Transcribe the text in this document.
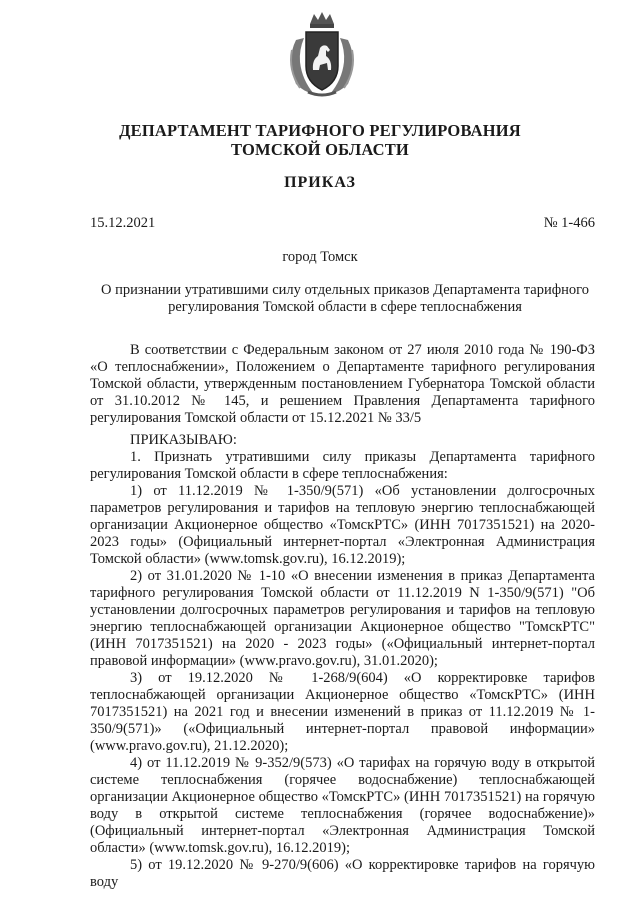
ДЕПАРТАМЕНТ ТАРИФНОГО РЕГУЛИРОВАНИЯ
ТОМСКОЙ ОБЛАСТИ
ПРИКАЗ
15.12.2021	№ 1-466
город Томск
О признании утратившими силу отдельных приказов Департамента тарифного
регулирования Томской области в сфере теплоснабжения

В соответствии с Федеральным законом от 27 июля 2010 года № 190-ФЗ «О теплоснабжении», Положением о Департаменте тарифного регулирования Томской области, утвержденным постановлением Губернатора Томской области от 31.10.2012 № 145, и решением Правления Департамента тарифного регулирования Томской области от 15.12.2021 № 33/5

ПРИКАЗЫВАЮ:

1. Признать утратившими силу приказы Департамента тарифного регулирования Томской области в сфере теплоснабжения:

1) от 11.12.2019 № 1-350/9(571) «Об установлении долгосрочных параметров регулирования и тарифов на тепловую энергию теплоснабжающей организации Акционерное общество «ТомскРТС» (ИНН 7017351521) на 2020-2023 годы» (Официальный интернет-портал «Электронная Администрация Томской области» (www.tomsk.gov.ru), 16.12.2019);

2) от 31.01.2020 № 1-10 «О внесении изменения в приказ Департамента тарифного регулирования Томской области от 11.12.2019 N 1-350/9(571) "Об установлении долгосрочных параметров регулирования и тарифов на тепловую энергию теплоснабжающей организации Акционерное общество "ТомскРТС" (ИНН 7017351521) на 2020 - 2023 годы» («Официальный интернет-портал правовой информации» (www.pravo.gov.ru), 31.01.2020);

3) от 19.12.2020 № 1-268/9(604) «О корректировке тарифов теплоснабжающей организации Акционерное общество «ТомскРТС» (ИНН 7017351521) на 2021 год и внесении изменений в приказ от 11.12.2019 № 1-350/9(571)» («Официальный интернет-портал правовой информации» (www.pravo.gov.ru), 21.12.2020);

4) от 11.12.2019 № 9-352/9(573) «О тарифах на горячую воду в открытой системе теплоснабжения (горячее водоснабжение) теплоснабжающей организации Акционерное общество «ТомскРТС» (ИНН 7017351521) на горячую воду в открытой системе теплоснабжения (горячее водоснабжение)» (Официальный интернет-портал «Электронная Администрация Томской области» (www.tomsk.gov.ru), 16.12.2019);

5) от 19.12.2020 № 9-270/9(606) «О корректировке тарифов на горячую воду
